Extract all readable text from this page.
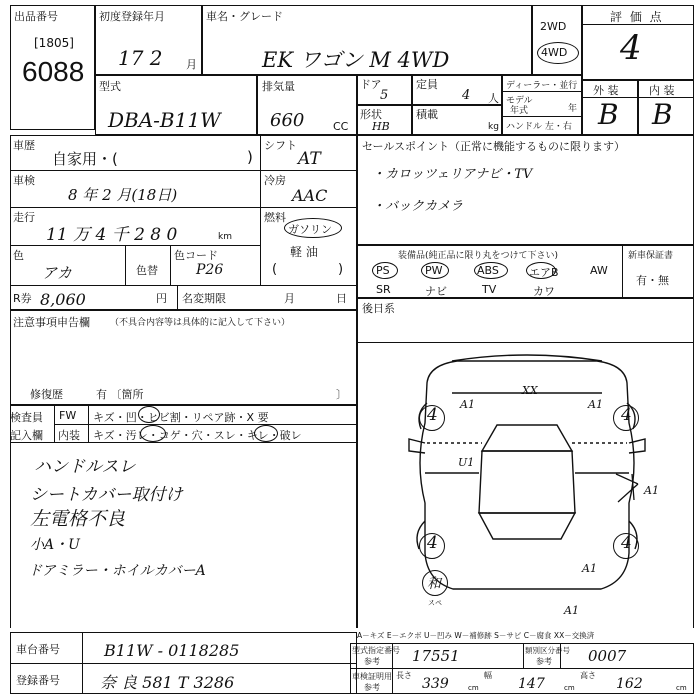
出品番号
[1805]
6088
初度登録年月
17 2 月
車名・グレード
EK ワゴン M 4WD
2WD
4WD
評 価 点
4
型式
DBA-B11W
排気量
660	CC
ドア
5
定員
4 人
形状
HB
積載
kg
ディーラー・並行
モデル
年式	年
ハンドル 左・右
外 装	内 装
B B
車歴
自家用・(	)
シフト
AT
車検
8 年 2 月(18日)
冷房
AAC
走行
11 万 4 千 2 8 0	km
燃料
ガソリン
(
軽 油
)
色
アカ	色替
色コード
P26
R券 8,060	円 名変期限	月	日
セールスポイント（正常に機能するものに限ります）
・カロッツェリアナビ・TV
・バックカメラ
装備品(純正品に限り丸をつけて下さい)	新車保証書
有・無
PS	PW	ABS	エアB	AW
SR	ナビ	TV	カワ
後日系
注意事項申告欄 （不具合内容等は具体的に記入して下さい）
修復歴	有 〔箇所	〕
検査員
記入欄
FW キズ・凹・ヒビ割・リペア跡・X 要
内装 キズ・汚レ・コゲ・穴・スレ・キレ・破レ
ハンドルスレ
シートカバー取付け
左電格不良
小A・U
ドアミラー・ホイルカバーA
4	4
4	4
XX
A1	A1
U1
A1
A1
A1
和
スペ
車台番号	B11W - 0118285
登録番号	奈 良 581 T 3286
A－キズ E－エクボ U－凹み W－補修跡 S－サビ C－腐食 XX－交換済
型式指定番号
参考 17551	類別区分番号
参考 0007
車検証明用
参考
長さ
339	cm
幅
147	cm
高さ
162	cm
